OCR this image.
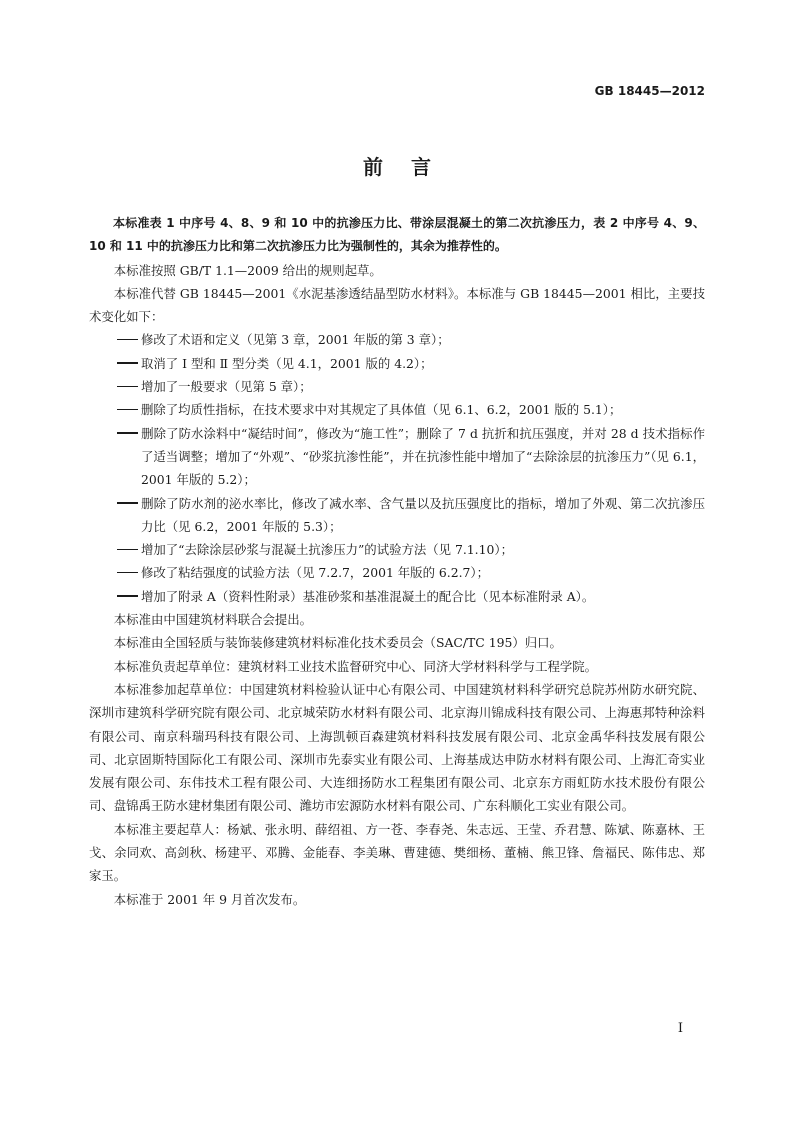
GB 18445—2012
前言

本标准表 1 中序号 4、8、9 和 10 中的抗渗压力比、带涂层混凝土的第二次抗渗压力，表 2 中序号 4、9、10 和 11 中的抗渗压力比和第二次抗渗压力比为强制性的，其余为推荐性的。

本标准按照 GB/T 1.1—2009 给出的规则起草。

本标准代替 GB 18445—2001《水泥基渗透结晶型防水材料》。本标准与 GB 18445—2001 相比，主要技术变化如下：

修改了术语和定义（见第 3 章，2001 年版的第 3 章）；

取消了 Ⅰ 型和 Ⅱ 型分类（见 4.1，2001 版的 4.2）；

增加了一般要求（见第 5 章）；

删除了均质性指标，在技术要求中对其规定了具体值（见 6.1、6.2，2001 版的 5.1）；

删除了防水涂料中“凝结时间”，修改为“施工性”；删除了 7 d 抗折和抗压强度，并对 28 d 技术指标作了适当调整；增加了“外观”、“砂浆抗渗性能”，并在抗渗性能中增加了“去除涂层的抗渗压力”（见 6.1，2001 年版的 5.2）；

删除了防水剂的泌水率比，修改了减水率、含气量以及抗压强度比的指标，增加了外观、第二次抗渗压力比（见 6.2，2001 年版的 5.3）；

增加了“去除涂层砂浆与混凝土抗渗压力”的试验方法（见 7.1.10）；

修改了粘结强度的试验方法（见 7.2.7，2001 年版的 6.2.7）；

增加了附录 A（资料性附录）基准砂浆和基准混凝土的配合比（见本标准附录 A）。

本标准由中国建筑材料联合会提出。

本标准由全国轻质与装饰装修建筑材料标准化技术委员会（SAC/TC 195）归口。

本标准负责起草单位：建筑材料工业技术监督研究中心、同济大学材料科学与工程学院。

本标准参加起草单位：中国建筑材料检验认证中心有限公司、中国建筑材料科学研究总院苏州防水研究院、深圳市建筑科学研究院有限公司、北京城荣防水材料有限公司、北京海川锦成科技有限公司、上海惠邦特种涂料有限公司、南京科瑞玛科技有限公司、上海凯顿百森建筑材料科技发展有限公司、北京金禹华科技发展有限公司、北京固斯特国际化工有限公司、深圳市先泰实业有限公司、上海基成达申防水材料有限公司、上海汇奇实业发展有限公司、东伟技术工程有限公司、大连细扬防水工程集团有限公司、北京东方雨虹防水技术股份有限公司、盘锦禹王防水建材集团有限公司、潍坊市宏源防水材料有限公司、广东科顺化工实业有限公司。

本标准主要起草人：杨斌、张永明、薛绍祖、方一苍、李春尧、朱志远、王莹、乔君慧、陈斌、陈嘉林、王戈、余同欢、高剑秋、杨建平、邓腾、金能春、李美琳、曹建德、樊细杨、董楠、熊卫锋、詹福民、陈伟忠、郑家玉。

本标准于 2001 年 9 月首次发布。

I
